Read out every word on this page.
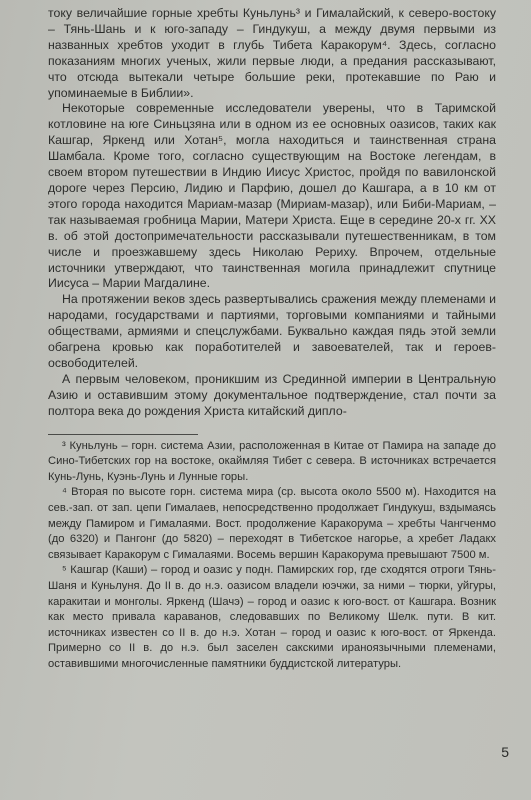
току величайшие горные хребты Куньлунь³ и Гималайский, к северо-востоку – Тянь-Шань и к юго-западу – Гиндукуш, а между двумя первыми из названных хребтов уходит в глубь Тибета Каракорум⁴. Здесь, согласно показаниям многих ученых, жили первые люди, а предания рассказывают, что отсюда вытекали четыре большие реки, протекавшие по Раю и упоминаемые в Библии».

Некоторые современные исследователи уверены, что в Таримской котловине на юге Синьцзяна или в одном из ее основных оазисов, таких как Кашгар, Яркенд или Хотан⁵, могла находиться и таинственная страна Шамбала. Кроме того, согласно существующим на Востоке легендам, в своем втором путешествии в Индию Иисус Христос, пройдя по вавилонской дороге через Персию, Лидию и Парфию, дошел до Кашгара, а в 10 км от этого города находится Мариам-мазар (Мириам-мазар), или Биби-Мариам, – так называемая гробница Марии, Матери Христа. Еще в середине 20-х гг. XX в. об этой достопримечательности рассказывали путешественникам, в том числе и проезжавшему здесь Николаю Рериху. Впрочем, отдельные источники утверждают, что таинственная могила принадлежит спутнице Иисуса – Марии Магдалине.

На протяжении веков здесь развертывались сражения между племенами и народами, государствами и партиями, торговыми компаниями и тайными обществами, армиями и спецслужбами. Буквально каждая пядь этой земли обагрена кровью как поработителей и завоевателей, так и героев-освободителей.

А первым человеком, проникшим из Срединной империи в Центральную Азию и оставившим этому документальное подтверждение, стал почти за полтора века до рождения Христа китайский дипло-

³ Куньлунь – горн. система Азии, расположенная в Китае от Памира на западе до Сино-Тибетских гор на востоке, окаймляя Тибет с севера. В источниках встречается Кунь-Лунь, Куэнь-Лунь и Лунные горы.

⁴ Вторая по высоте горн. система мира (ср. высота около 5500 м). Находится на сев.-зап. от зап. цепи Гималаев, непосредственно продолжает Гиндукуш, вздымаясь между Памиром и Гималаями. Вост. продолжение Каракорума – хребты Чангченмо (до 6320) и Пангонг (до 5820) – переходят в Тибетское нагорье, а хребет Ладакх связывает Каракорум с Гималаями. Восемь вершин Каракорума превышают 7500 м.

⁵ Кашгар (Каши) – город и оазис у подн. Памирских гор, где сходятся отроги Тянь-Шаня и Куньлуня. До II в. до н.э. оазисом владели юэчжи, за ними – тюрки, уйгуры, каракитаи и монголы. Яркенд (Шачэ) – город и оазис к юго-вост. от Кашгара. Возник как место привала караванов, следовавших по Великому Шелк. пути. В кит. источниках известен со II в. до н.э. Хотан – город и оазис к юго-вост. от Яркенда. Примерно со II в. до н.э. был заселен сакскими ираноязычными племенами, оставившими многочисленные памятники буддистской литературы.

5
